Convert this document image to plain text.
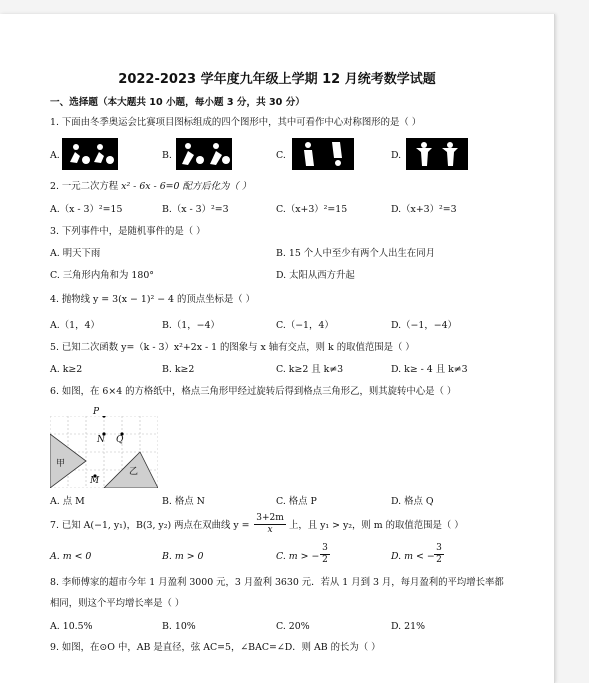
2022-2023 学年度九年级上学期 12 月统考数学试题
一、选择题（本大题共 10 小题，每小题 3 分，共 30 分）
1. 下面由冬季奥运会比赛项目图标组成的四个图形中，其中可看作中心对称图形的是（ ）
A.	B.	C.	D.
2. 一元二次方程 x² - 6x - 6=0 配方后化为（ ）
A.（x - 3）²=15	B.（x - 3）²=3	C.（x+3）²=15	D.（x+3）²=3
3. 下列事件中，是随机事件的是（ ）
A. 明天下雨	B. 15 个人中至少有两个人出生在同月
C. 三角形内角和为 180°	D. 太阳从西方升起
4. 抛物线 y = 3(x − 1)² − 4 的顶点坐标是（ ）
A.（1，4）	B.（1，−4）	C.（−1，4）	D.（−1，−4）
5. 已知二次函数 y=（k - 3）x²+2x - 1 的图象与 x 轴有交点，则 k 的取值范围是（ ）
A. k≥2	B. k≥2	C. k≥2 且 k≠3	D. k≥ - 4 且 k≠3
6. 如图，在 6×4 的方格纸中，格点三角形甲经过旋转后得到格点三角形乙，则其旋转中心是（ ）
P
N Q
M
甲
乙
A. 点 M	B. 格点 N	C. 格点 P	D. 格点 Q
7. 已知 A(−1, y₁)，B(3, y₂) 两点在双曲线 $y = \frac{3+2m}{x}$ 上，且 y₁ > y₂，则 m 的取值范围是（ ）
A. m < 0	B. m > 0	C. m > − $\frac{3}{2}$	D. m < − $\frac{3}{2}$
8. 李师傅家的超市今年 1 月盈利 3000 元，3 月盈利 3630 元．若从 1 月到 3 月，每月盈利的平均增长率都
相同，则这个平均增长率是（ ）
A. 10.5%	B. 10%	C. 20%	D. 21%
9. 如图，在⊙O 中，AB 是直径，弦 AC=5，∠BAC=∠D．则 AB 的长为（ ）
